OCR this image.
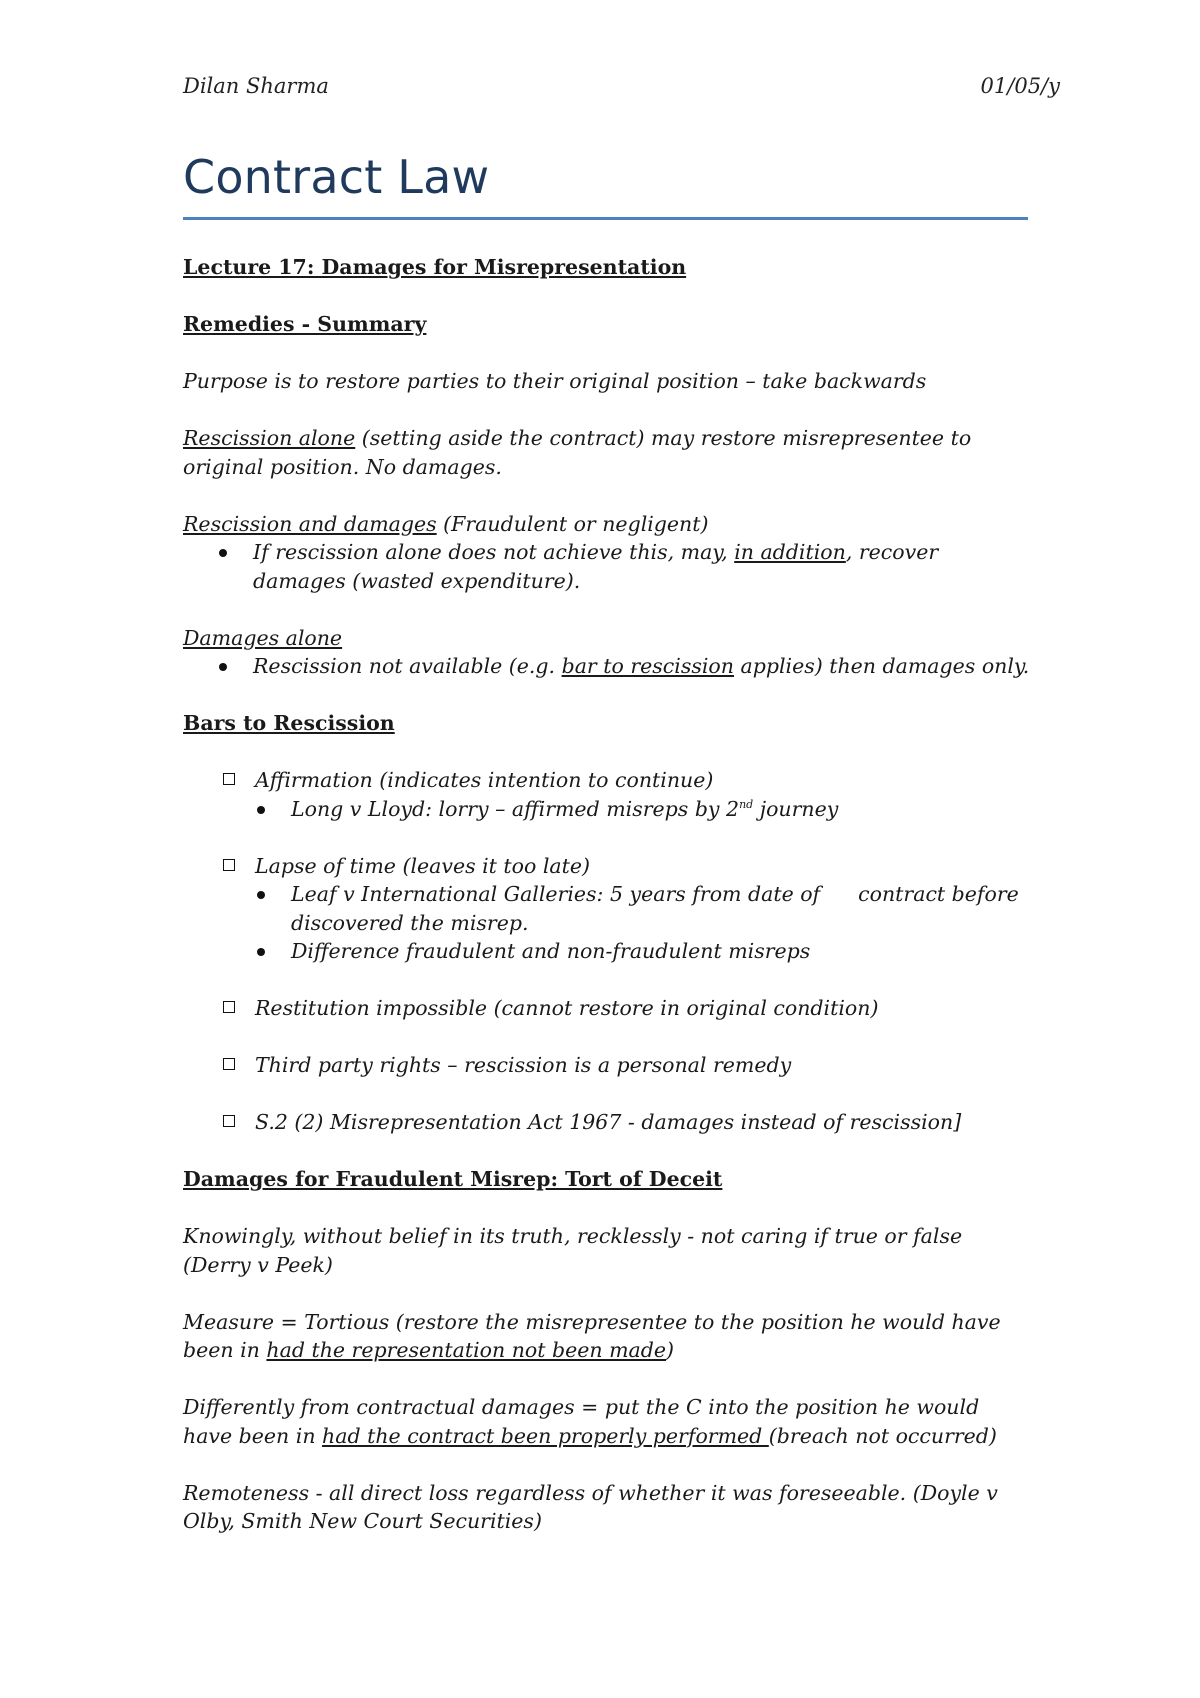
Dilan Sharma	01/05/y
Contract Law

Lecture 17: Damages for Misrepresentation

Remedies - Summary

Purpose is to restore parties to their original position – take backwards

Rescission alone (setting aside the contract) may restore misrepresentee to original position. No damages.

Rescission and damages (Fraudulent or negligent)

If rescission alone does not achieve this, may, in addition, recover damages (wasted expenditure).

Damages alone

Rescission not available (e.g. bar to rescission applies) then damages only.

Bars to Rescission

Affirmation (indicates intention to continue)
Long v Lloyd: lorry – affirmed misreps by 2nd journey
Lapse of time (leaves it too late)
Leaf v International Galleries: 5 years from date of contract before discovered the misrep.
Difference fraudulent and non-fraudulent misreps
Restitution impossible (cannot restore in original condition)
Third party rights – rescission is a personal remedy
S.2 (2) Misrepresentation Act 1967 - damages instead of rescission]

Damages for Fraudulent Misrep: Tort of Deceit

Knowingly, without belief in its truth, recklessly - not caring if true or false (Derry v Peek)

Measure = Tortious (restore the misrepresentee to the position he would have been in had the representation not been made)

Differently from contractual damages = put the C into the position he would have been in had the contract been properly performed (breach not occurred)

Remoteness - all direct loss regardless of whether it was foreseeable. (Doyle v Olby, Smith New Court Securities)
